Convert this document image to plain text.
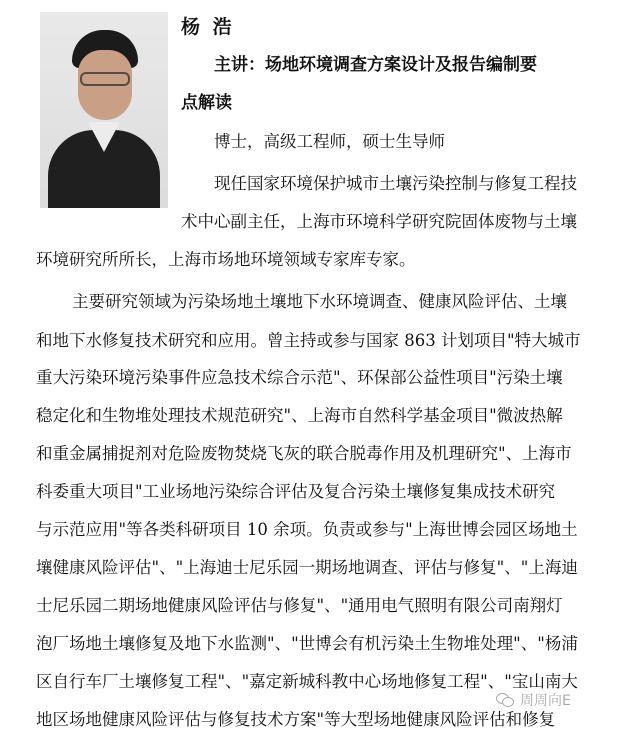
杨 浩
主讲：场地环境调查方案设计及报告编制要
点解读
博士，高级工程师，硕士生导师
现任国家环境保护城市土壤污染控制与修复工程技
术中心副主任，上海市环境科学研究院固体废物与土壤
环境研究所所长，上海市场地环境领域专家库专家。
主要研究领域为污染场地土壤地下水环境调查、健康风险评估、土壤
和地下水修复技术研究和应用。曾主持或参与国家 863 计划项目"特大城市
重大污染环境污染事件应急技术综合示范"、环保部公益性项目"污染土壤
稳定化和生物堆处理技术规范研究"、上海市自然科学基金项目"微波热解
和重金属捕捉剂对危险废物焚烧飞灰的联合脱毒作用及机理研究"、上海市
科委重大项目"工业场地污染综合评估及复合污染土壤修复集成技术研究
与示范应用"等各类科研项目 10 余项。负责或参与"上海世博会园区场地土
壤健康风险评估"、"上海迪士尼乐园一期场地调查、评估与修复"、"上海迪
士尼乐园二期场地健康风险评估与修复"、"通用电气照明有限公司南翔灯
泡厂场地土壤修复及地下水监测"、"世博会有机污染土生物堆处理"、"杨浦
区自行车厂土壤修复工程"、"嘉定新城科教中心场地修复工程"、"宝山南大
地区场地健康风险评估与修复技术方案"等大型场地健康风险评估和修复
周周向E
